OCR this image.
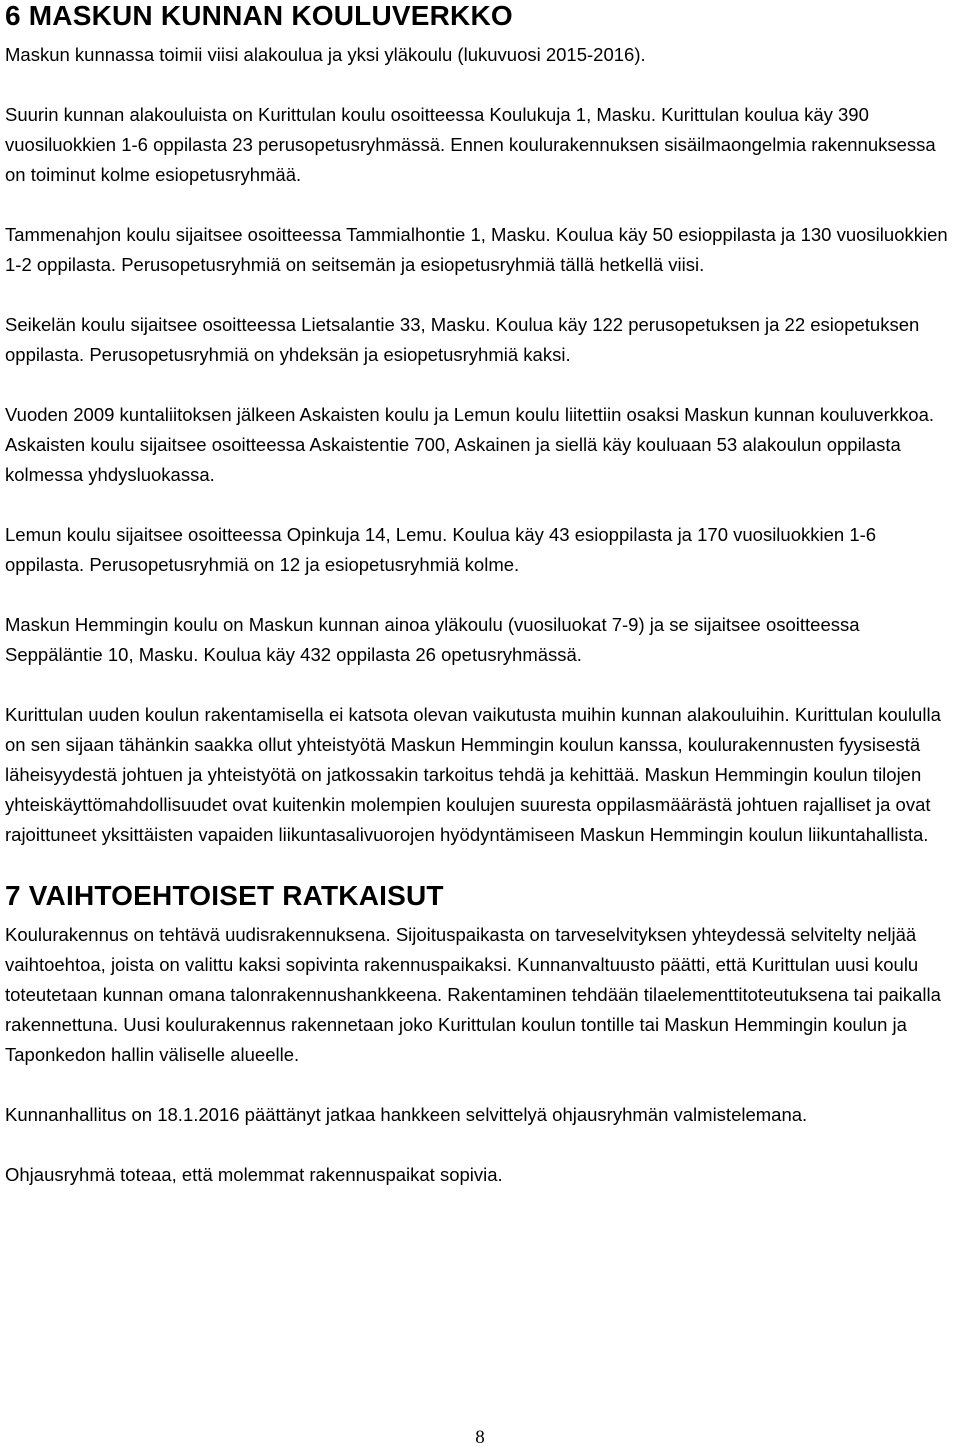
6 MASKUN KUNNAN KOULUVERKKO

Maskun kunnassa toimii viisi alakoulua ja yksi yläkoulu (lukuvuosi 2015-2016).

Suurin kunnan alakouluista on Kurittulan koulu osoitteessa Koulukuja 1, Masku. Kurittulan koulua käy 390 vuosiluokkien 1-6 oppilasta 23 perusopetusryhmässä. Ennen koulurakennuksen sisäilmaongelmia rakennuksessa on toiminut kolme esiopetusryhmää.

Tammenahjon koulu sijaitsee osoitteessa Tammialhontie 1, Masku. Koulua käy 50 esioppilasta ja 130 vuosiluokkien 1-2 oppilasta. Perusopetusryhmiä on seitsemän ja esiopetusryhmiä tällä hetkellä viisi.

Seikelän koulu sijaitsee osoitteessa Lietsalantie 33, Masku. Koulua käy 122 perusopetuksen ja 22 esiopetuksen oppilasta. Perusopetusryhmiä on yhdeksän ja esiopetusryhmiä kaksi.

Vuoden 2009 kuntaliitoksen jälkeen Askaisten koulu ja Lemun koulu liitettiin osaksi Maskun kunnan kouluverkkoa. Askaisten koulu sijaitsee osoitteessa Askaistentie 700, Askainen ja siellä käy kouluaan 53 alakoulun oppilasta kolmessa yhdysluokassa.

Lemun koulu sijaitsee osoitteessa Opinkuja 14, Lemu. Koulua käy 43 esioppilasta ja 170 vuosiluokkien 1-6 oppilasta. Perusopetusryhmiä on 12 ja esiopetusryhmiä kolme.

Maskun Hemmingin koulu on Maskun kunnan ainoa yläkoulu (vuosiluokat 7-9) ja se sijaitsee osoitteessa Seppäläntie 10, Masku. Koulua käy 432 oppilasta 26 opetusryhmässä.

Kurittulan uuden koulun rakentamisella ei katsota olevan vaikutusta muihin kunnan alakouluihin. Kurittulan koululla on sen sijaan tähänkin saakka ollut yhteistyötä Maskun Hemmingin koulun kanssa, koulurakennusten fyysisestä läheisyydestä johtuen ja yhteistyötä on jatkossakin tarkoitus tehdä ja kehittää. Maskun Hemmingin koulun tilojen yhteiskäyttömahdollisuudet ovat kuitenkin molempien koulujen suuresta oppilasmäärästä johtuen rajalliset ja ovat rajoittuneet yksittäisten vapaiden liikuntasalivuorojen hyödyntämiseen Maskun Hemmingin koulun liikuntahallista.

7 VAIHTOEHTOISET RATKAISUT

Koulurakennus on tehtävä uudisrakennuksena. Sijoituspaikasta on tarveselvityksen yhteydessä selvitelty neljää vaihtoehtoa, joista on valittu kaksi sopivinta rakennuspaikaksi. Kunnanvaltuusto päätti, että Kurittulan uusi koulu toteutetaan kunnan omana talonrakennushankkeena. Rakentaminen tehdään tilaelementtitoteutuksena tai paikalla rakennettuna. Uusi koulurakennus rakennetaan joko Kurittulan koulun tontille tai Maskun Hemmingin koulun ja Taponkedon hallin väliselle alueelle.

Kunnanhallitus on 18.1.2016 päättänyt jatkaa hankkeen selvittelyä ohjausryhmän valmistelemana.

Ohjausryhmä toteaa, että molemmat rakennuspaikat sopivia.

8
